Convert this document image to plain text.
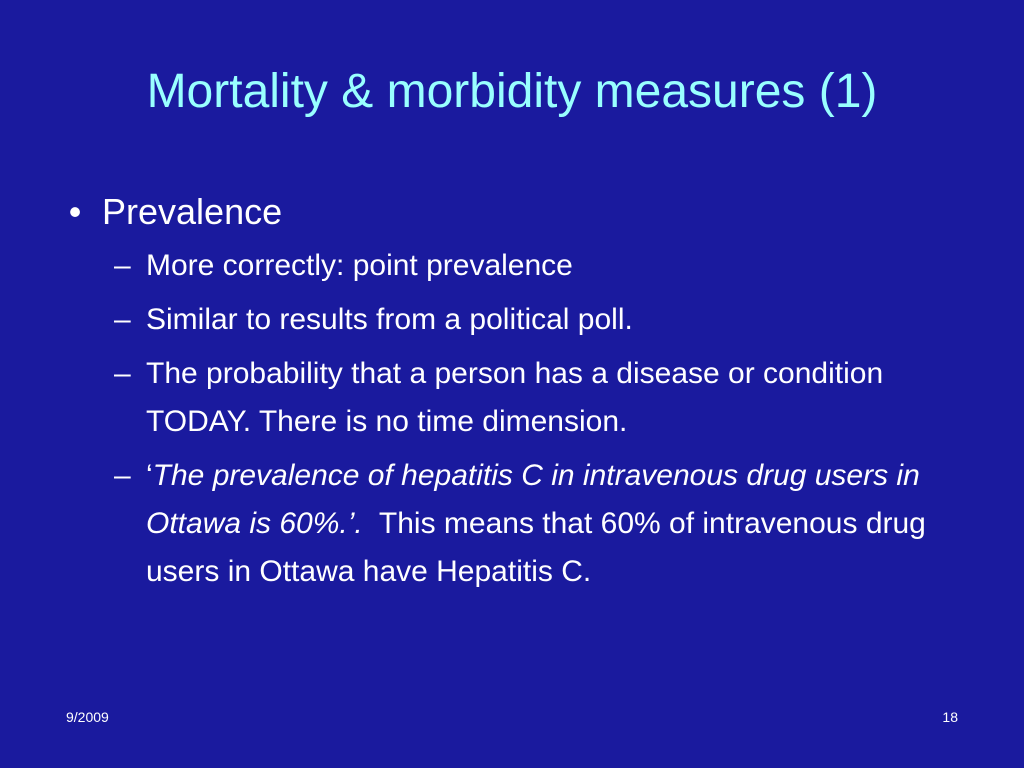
Mortality & morbidity measures (1)
• Prevalence
– More correctly: point prevalence
– Similar to results from a political poll.
– The probability that a person has a disease or condition TODAY. There is no time dimension.
– ‘The prevalence of hepatitis C in intravenous drug users in Ottawa is 60%.’.  This means that 60% of intravenous drug users in Ottawa have Hepatitis C.
9/2009	18
